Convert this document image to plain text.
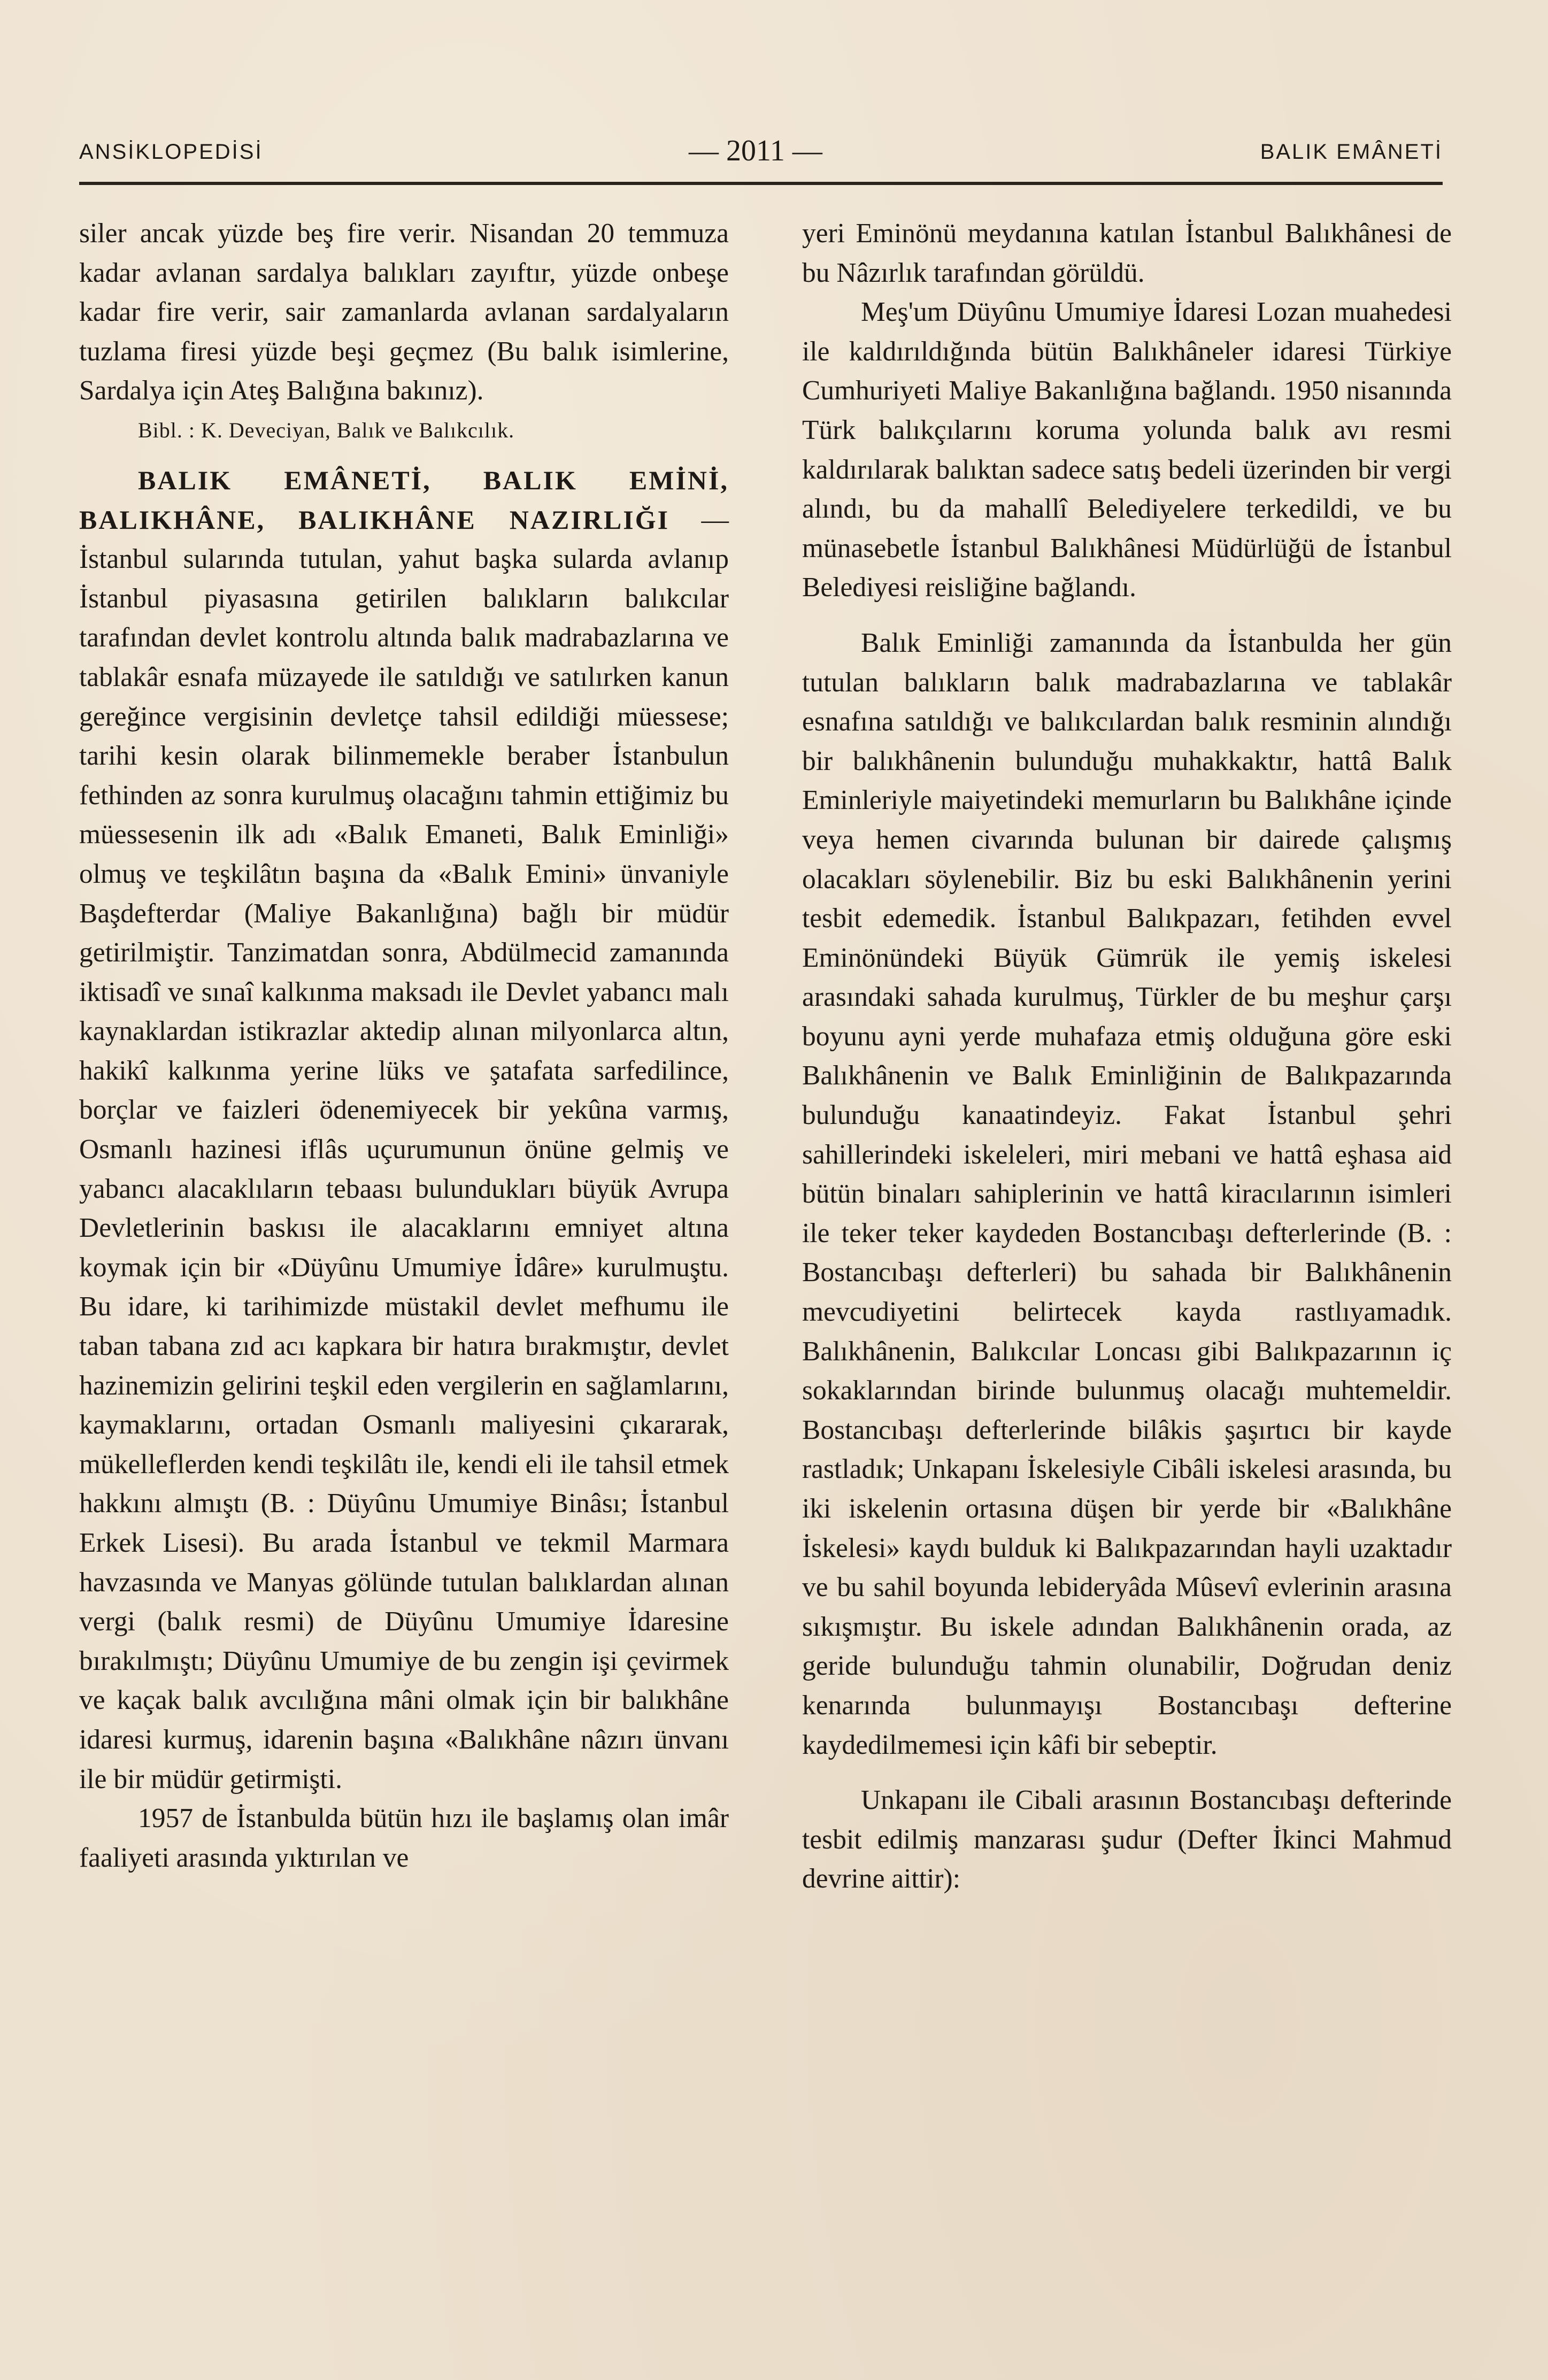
ANSİKLOPEDİSİ	— 2011 —	BALIK EMÂNETİ

siler ancak yüzde beş fire verir. Nisandan 20 temmuza kadar avlanan sardalya balıkları zayıftır, yüzde onbeşe kadar fire verir, sair zamanlarda avlanan sardalyaların tuzlama firesi yüzde beşi geçmez (Bu balık isimlerine, Sardalya için Ateş Balığına bakınız).

Bibl. : K. Deveciyan, Balık ve Balıkcılık.

BALIK EMÂNETİ, BALIK EMİNİ, BALIKHÂNE, BALIKHÂNE NAZIRLIĞI — İstanbul sularında tutulan, yahut başka sularda avlanıp İstanbul piyasasına getirilen balıkların balıkcılar tarafından devlet kontrolu altında balık madrabazlarına ve tablakâr esnafa müzayede ile satıldığı ve satılırken kanun gereğince vergisinin devletçe tahsil edildiği müessese; tarihi kesin olarak bilinmemekle beraber İstanbulun fethinden az sonra kurulmuş olacağını tahmin ettiğimiz bu müessesenin ilk adı «Balık Emaneti, Balık Eminliği» olmuş ve teşkilâtın başına da «Balık Emini» ünvaniyle Başdefterdar (Maliye Bakanlığına) bağlı bir müdür getirilmiştir. Tanzimatdan sonra, Abdülmecid zamanında iktisadî ve sınaî kalkınma maksadı ile Devlet yabancı malı kaynaklardan istikrazlar aktedip alınan milyonlarca altın, hakikî kalkınma yerine lüks ve şatafata sarfedilince, borçlar ve faizleri ödenemiyecek bir yekûna varmış, Osmanlı hazinesi iflâs uçurumunun önüne gelmiş ve yabancı alacaklıların tebaası bulundukları büyük Avrupa Devletlerinin baskısı ile alacaklarını emniyet altına koymak için bir «Düyûnu Umumiye İdâre» kurulmuştu. Bu idare, ki tarihimizde müstakil devlet mefhumu ile taban tabana zıd acı kapkara bir hatıra bırakmıştır, devlet hazinemizin gelirini teşkil eden vergilerin en sağlamlarını, kaymaklarını, ortadan Osmanlı maliyesini çıkararak, mükelleflerden kendi teşkilâtı ile, kendi eli ile tahsil etmek hakkını almıştı (B. : Düyûnu Umumiye Binâsı; İstanbul Erkek Lisesi). Bu arada İstanbul ve tekmil Marmara havzasında ve Manyas gölünde tutulan balıklardan alınan vergi (balık resmi) de Düyûnu Umumiye İdaresine bırakılmıştı; Düyûnu Umumiye de bu zengin işi çevirmek ve kaçak balık avcılığına mâni olmak için bir balıkhâne idaresi kurmuş, idarenin başına «Balıkhâne nâzırı ünvanı ile bir müdür getirmişti.

1957 de İstanbulda bütün hızı ile başlamış olan imâr faaliyeti arasında yıktırılan ve

yeri Eminönü meydanına katılan İstanbul Balıkhânesi de bu Nâzırlık tarafından görüldü.

Meş'um Düyûnu Umumiye İdaresi Lozan muahedesi ile kaldırıldığında bütün Balıkhâneler idaresi Türkiye Cumhuriyeti Maliye Bakanlığına bağlandı. 1950 nisanında Türk balıkçılarını koruma yolunda balık avı resmi kaldırılarak balıktan sadece satış bedeli üzerinden bir vergi alındı, bu da mahallî Belediyelere terkedildi, ve bu münasebetle İstanbul Balıkhânesi Müdürlüğü de İstanbul Belediyesi reisliğine bağlandı.

Balık Eminliği zamanında da İstanbulda her gün tutulan balıkların balık madrabazlarına ve tablakâr esnafına satıldığı ve balıkcılardan balık resminin alındığı bir balıkhânenin bulunduğu muhakkaktır, hattâ Balık Eminleriyle maiyetindeki memurların bu Balıkhâne içinde veya hemen civarında bulunan bir dairede çalışmış olacakları söylenebilir. Biz bu eski Balıkhânenin yerini tesbit edemedik. İstanbul Balıkpazarı, fetihden evvel Eminönündeki Büyük Gümrük ile yemiş iskelesi arasındaki sahada kurulmuş, Türkler de bu meşhur çarşı boyunu ayni yerde muhafaza etmiş olduğuna göre eski Balıkhânenin ve Balık Eminliğinin de Balıkpazarında bulunduğu kanaatindeyiz. Fakat İstanbul şehri sahillerindeki iskeleleri, miri mebani ve hattâ eşhasa aid bütün binaları sahiplerinin ve hattâ kiracılarının isimleri ile teker teker kaydeden Bostancıbaşı defterlerinde (B. : Bostancıbaşı defterleri) bu sahada bir Balıkhânenin mevcudiyetini belirtecek kayda rastlıyamadık. Balıkhânenin, Balıkcılar Loncası gibi Balıkpazarının iç sokaklarından birinde bulunmuş olacağı muhtemeldir. Bostancıbaşı defterlerinde bilâkis şaşırtıcı bir kayde rastladık; Unkapanı İskelesiyle Cibâli iskelesi arasında, bu iki iskelenin ortasına düşen bir yerde bir «Balıkhâne İskelesi» kaydı bulduk ki Balıkpazarından hayli uzaktadır ve bu sahil boyunda lebideryâda Mûsevî evlerinin arasına sıkışmıştır. Bu iskele adından Balıkhânenin orada, az geride bulunduğu tahmin olunabilir, Doğrudan deniz kenarında bulunmayışı Bostancıbaşı defterine kaydedilmemesi için kâfi bir sebeptir.

Unkapanı ile Cibali arasının Bostancıbaşı defterinde tesbit edilmiş manzarası şudur (Defter İkinci Mahmud devrine aittir):
